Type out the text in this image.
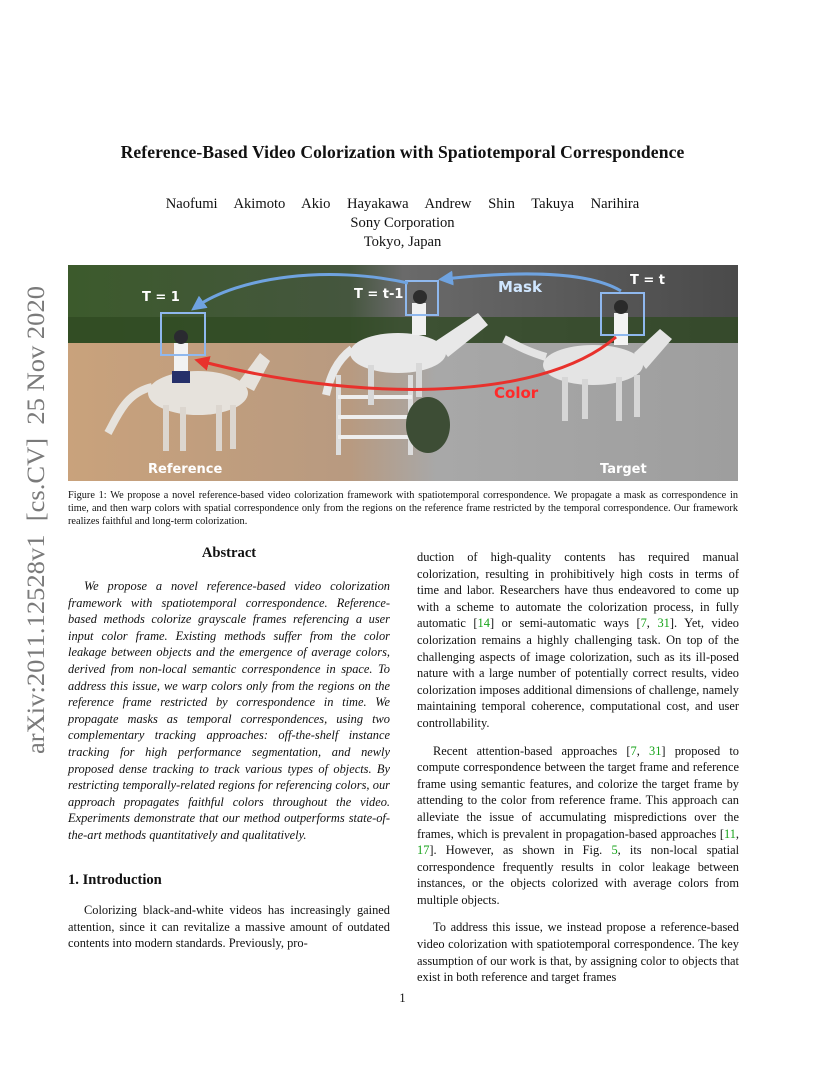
arXiv:2011.12528v1  [cs.CV]  25 Nov 2020
Reference-Based Video Colorization with Spatiotemporal Correspondence
Naofumi Akimoto Akio Hayakawa Andrew Shin Takuya Narihira
Sony Corporation
Tokyo, Japan
T = 1	T = t-1
T = t
Mask
Color
Reference	Target

Figure 1: We propose a novel reference-based video colorization framework with spatiotemporal correspondence. We propagate a mask as correspondence in time, and then warp colors with spatial correspondence only from the regions on the reference frame restricted by the temporal correspondence. Our framework realizes faithful and long-term colorization.

Abstract

We propose a novel reference-based video colorization framework with spatiotemporal correspondence. Reference-based methods colorize grayscale frames referencing a user input color frame. Existing methods suffer from the color leakage between objects and the emergence of average colors, derived from non-local semantic correspondence in space. To address this issue, we warp colors only from the regions on the reference frame restricted by correspondence in time. We propagate masks as temporal correspondences, using two complementary tracking approaches: off-the-shelf instance tracking for high performance segmentation, and newly proposed dense tracking to track various types of objects. By restricting temporally-related regions for referencing colors, our approach propagates faithful colors throughout the video. Experiments demonstrate that our method outperforms state-of-the-art methods quantitatively and qualitatively.

1. Introduction

Colorizing black-and-white videos has increasingly gained attention, since it can revitalize a massive amount of outdated contents into modern standards. Previously, pro-

duction of high-quality contents has required manual colorization, resulting in prohibitively high costs in terms of time and labor. Researchers have thus endeavored to come up with a scheme to automate the colorization process, in fully automatic [14] or semi-automatic ways [7, 31]. Yet, video colorization remains a highly challenging task. On top of the challenging aspects of image colorization, such as its ill-posed nature with a large number of potentially correct results, video colorization imposes additional dimensions of challenge, namely maintaining temporal coherence, computational cost, and user controllability.

Recent attention-based approaches [7, 31] proposed to compute correspondence between the target frame and reference frame using semantic features, and colorize the target frame by attending to the color from reference frame. This approach can alleviate the issue of accumulating mispredictions over the frames, which is prevalent in propagation-based approaches [11, 17]. However, as shown in Fig. 5, its non-local spatial correspondence frequently results in color leakage between instances, or the objects colorized with average colors from multiple objects.

To address this issue, we instead propose a reference-based video colorization with spatiotemporal correspondence. The key assumption of our work is that, by assigning color to objects that exist in both reference and target frames

1
